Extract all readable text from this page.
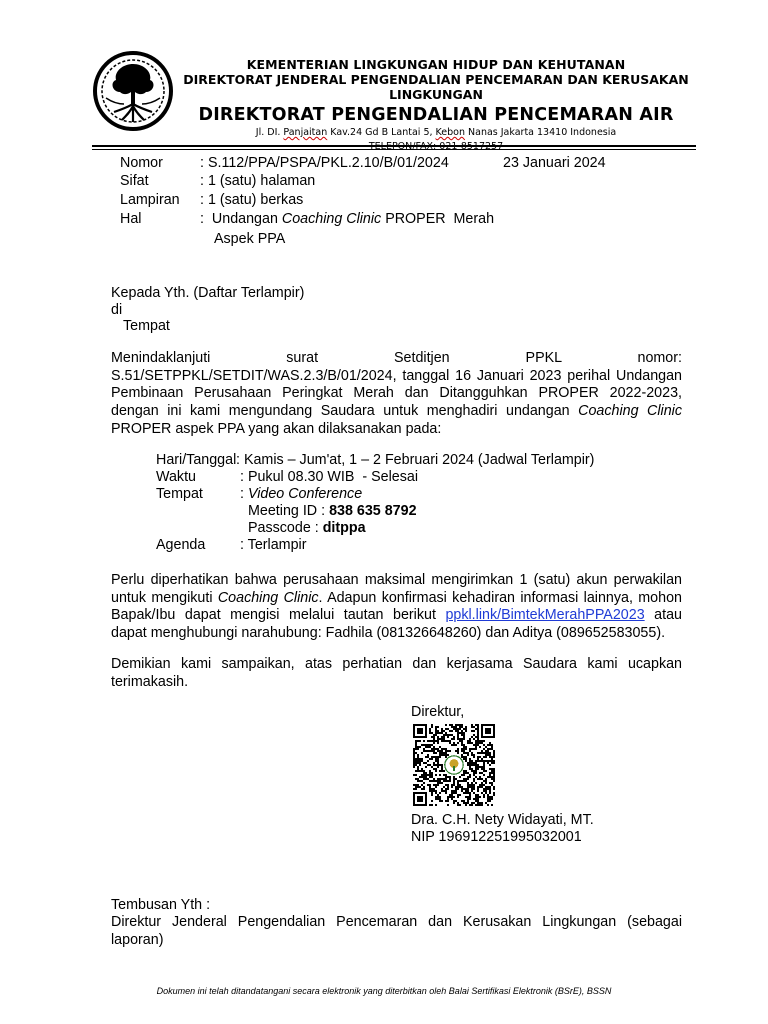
KEMENTERIAN LINGKUNGAN HIDUP DAN KEHUTANAN
DIREKTORAT JENDERAL PENGENDALIAN PENCEMARAN DAN KERUSAKAN LINGKUNGAN
DIREKTORAT PENGENDALIAN PENCEMARAN AIR
Jl. DI. Panjaitan Kav.24 Gd B Lantai 5, Kebon Nanas Jakarta 13410 Indonesia
TELEPON/FAX: 021-8517257
Nomor	: S.112/PPA/PSPA/PKL.2.10/B/01/2024	23 Januari 2024
Sifat	: 1 (satu) halaman
Lampiran : 1 (satu) berkas
Hal	:  Undangan Coaching Clinic PROPER  Merah
Aspek PPA
Kepada Yth. (Daftar Terlampir)
di
Tempat
Menindaklanjuti surat Setditjen PPKL nomor: S.51/SETPPKL/SETDIT/WAS.2.3/B/01/2024, tanggal 16 Januari 2023 perihal Undangan Pembinaan Perusahaan Peringkat Merah dan Ditangguhkan PROPER 2022-2023, dengan ini kami mengundang Saudara untuk menghadiri undangan Coaching Clinic PROPER aspek PPA yang akan dilaksanakan pada:
Hari/Tanggal : Kamis – Jum'at, 1 – 2 Februari 2024 (Jadwal Terlampir)
Waktu	: Pukul 08.30 WIB  - Selesai
Tempat	: Video Conference
Meeting ID : 838 635 8792
Passcode : ditppa
Agenda : Terlampir
Perlu diperhatikan bahwa perusahaan maksimal mengirimkan 1 (satu) akun perwakilan untuk mengikuti Coaching Clinic. Adapun konfirmasi kehadiran informasi lainnya, mohon Bapak/Ibu dapat mengisi melalui tautan berikut ppkl.link/BimtekMerahPPA2023 atau dapat menghubungi narahubung: Fadhila (081326648260) dan Aditya (089652583055).
Demikian kami sampaikan, atas perhatian dan kerjasama Saudara kami ucapkan terimakasih.
Direktur,
Dra. C.H. Nety Widayati, MT.
NIP 196912251995032001
Tembusan Yth :
Direktur Jenderal Pengendalian Pencemaran dan Kerusakan Lingkungan (sebagai laporan)
Dokumen ini telah ditandatangani secara elektronik yang diterbitkan oleh Balai Sertifikasi Elektronik (BSrE), BSSN
